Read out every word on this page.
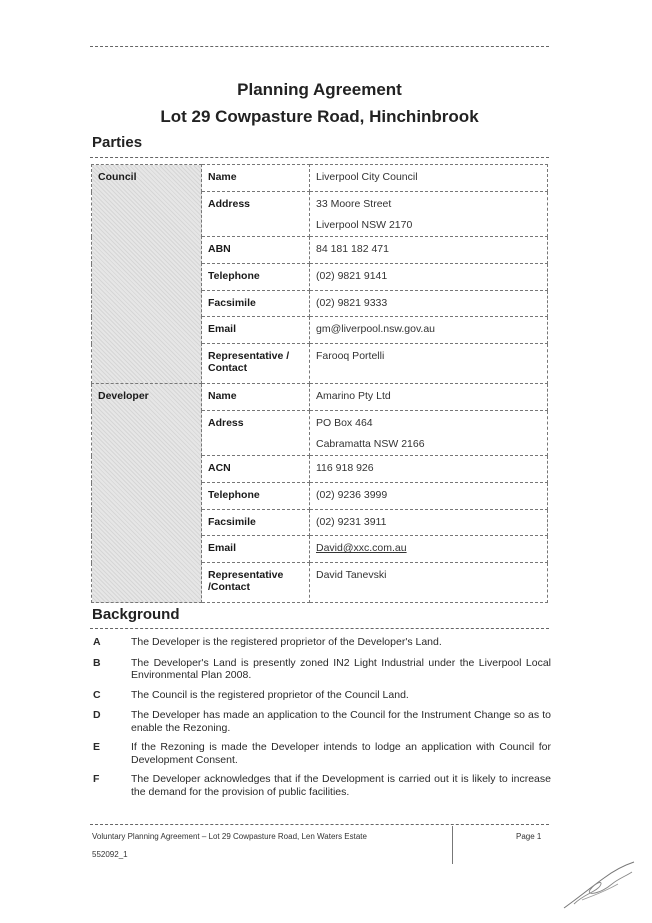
Planning Agreement
Lot 29 Cowpasture Road, Hinchinbrook
Parties
Council	Name	Liverpool City Council
	Address	33 Moore Street
Liverpool NSW 2170

	ABN	84 181 182 471
	Telephone	(02) 9821 9141
	Facsimile	(02) 9821 9333
	Email	gm@liverpool.nsw.gov.au

	Representative /
Contact	Farooq Portelli
Developer	Name	Amarino Pty Ltd
	Adress	PO Box 464
Cabramatta NSW 2166

	ACN	116 918 926
	Telephone	(02) 9236 3999
	Facsimile	(02) 9231 3911
	Email	David@xxc.com.au

	Representative
/Contact	David Tanevski
Background
A	The Developer is the registered proprietor of the Developer's Land.
B	The Developer's Land is presently zoned IN2 Light Industrial under the Liverpool Local Environmental Plan 2008.
C	The Council is the registered proprietor of the Council Land.
D	The Developer has made an application to the Council for the Instrument Change so as to enable the Rezoning.
E	If the Rezoning is made the Developer intends to lodge an application with Council for Development Consent.
F	The Developer acknowledges that if the Development is carried out it is likely to increase the demand for the provision of public facilities.
Voluntary Planning Agreement – Lot 29 Cowpasture Road, Len Waters Estate
552092_1
Page 1
